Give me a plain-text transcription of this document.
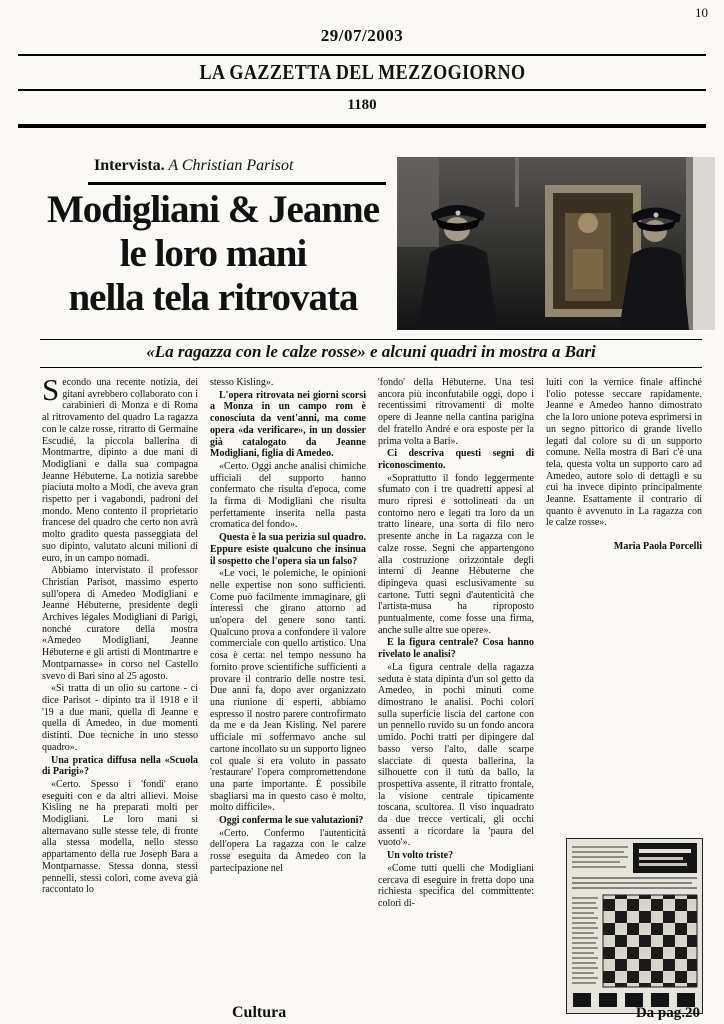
10
29/07/2003
LA GAZZETTA DEL MEZZOGIORNO
1180
Intervista. A Christian Parisot
Modigliani & Jeanne
le loro mani
nella tela ritrovata
«La ragazza con le calze rosse» e alcuni quadri in mostra a Bari

Secondo una recente notizia, dei gitani avrebbero collaborato con i carabinieri di Monza e di Roma al ritrovamento del quadro La ragazza con le calze rosse, ritratto di Germaine Escudié, la piccola ballerina di Montmartre, dipinto a due mani di Modigliani e dalla sua compagna Jeanne Hébuterne. La notizia sarebbe piaciuta molto a Modi, che aveva gran rispetto per i vagabondi, padroni del mondo. Meno contento il proprietario francese del quadro che certo non avrà molto gradito questa passeggiata del suo dipinto, valutato alcuni milioni di euro, in un campo nomadi.

Abbiamo intervistato il professor Christian Parisot, massimo esperto sull'opera di Amedeo Modigliani e Jeanne Hébuterne, presidente degli Archives légales Modigliani di Parigi, nonché curatore della mostra «Amedeo Modigliani, Jeanne Hébuterne e gli artisti di Montmartre e Montparnasse» in corso nel Castello svevo di Bari sino al 25 agosto.

«Si tratta di un olio su cartone - ci dice Parisot - dipinto tra il 1918 e il '19 a due mani, quella di Jeanne e quella di Amedeo, in due momenti distinti. Due tecniche in uno stesso quadro».

Una pratica diffusa nella «Scuola di Parigi»?

«Certo. Spesso i 'fondi' erano eseguiti con e da altri allievi. Moise Kisling ne ha preparati molti per Modigliani. Le loro mani si alternavano sulle stesse tele, di fronte alla stessa modella, nello stesso appartamento della rue Joseph Bara a Montparnasse. Stessa donna, stessi pennelli, stessi colori, come aveva già raccontato lo

stesso Kisling».

L'opera ritrovata nei giorni scorsi a Monza in un campo rom è conosciuta da vent'anni, ma come opera «da verificare», in un dossier già catalogato da Jeanne Modigliani, figlia di Amedeo.

«Certo. Oggi anche analisi chimiche ufficiali del supporto hanno confermato che risulta d'epoca, come la firma di Modigliani che risulta perfettamente inserita nella pasta cromatica del fondo».

Questa è la sua perizia sul quadro. Eppure esiste qualcuno che insinua il sospetto che l'opera sia un falso?

«Le voci, le polemiche, le opinioni nelle expertise non sono sufficienti. Come può facilmente immaginare, gli interessi che girano attorno ad un'opera del genere sono tanti. Qualcuno prova a confondere il valore commerciale con quello artistico. Una cosa è certa: nel tempo nessuno ha fornito prove scientifiche sufficienti a provare il contrario delle nostre tesi. Due anni fa, dopo aver organizzato una riunione di esperti, abbiamo espresso il nostro parere controfirmato da me e da Jean Kisling. Nel parere ufficiale mi soffermavo anche sul cartone incollato su un supporto ligneo col quale si era voluto in passato 'restaurare' l'opera compromettendone una parte importante. È possibile sbagliarsi ma in questo caso è molto, molto difficile».

Oggi conferma le sue valutazioni?

«Certo. Confermo l'autenticità dell'opera La ragazza con le calze rosse eseguita da Amedeo con la partecipazione nel

'fondo' della Hébuterne. Una tesi ancora più inconfutabile oggi, dopo i recentissimi ritrovamenti di molte opere di Jeanne nella cantina parigina del fratello André e ora esposte per la prima volta a Bari».

Ci descriva questi segni di riconoscimento.

«Soprattutto il fondo leggermente sfumato con i tre quadretti appesi al muro ripresi e sottolineati da un contorno nero e legati tra loro da un tratto lineare, una sorta di filo nero presente anche in La ragazza con le calze rosse. Segni che appartengono alla costruzione orizzontale degli interni di Jeanne Hébuterne che dipingeva quasi esclusivamente su cartone. Tutti segni d'autenticità che l'artista-musa ha riproposto puntualmente, come fosse una firma, anche sulle altre sue opere».

E la figura centrale? Cosa hanno rivelato le analisi?

«La figura centrale della ragazza seduta è stata dipinta d'un sol getto da Amedeo, in pochi minuti come dimostrano le analisi. Pochi colori sulla superficie liscia del cartone con un pennello ruvido su un fondo ancora umido. Pochi tratti per dipingere dal basso verso l'alto, dalle scarpe slacciate di questa ballerina, la silhouette con il tutù da ballo, la prospettiva assente, il ritratto frontale, la visione centrale tipicamente toscana, scultorea. Il viso inquadrato da due trecce verticali, gli occhi assenti a ricordare la 'paura del vuoto'».

Un volto triste?

«Come tutti quelli che Modigliani cercava di eseguire in fretta dopo una richiesta specifica del committente: colori di-

luiti con la vernice finale affinché l'olio potesse seccare rapidamente. Jeanne e Amedeo hanno dimostrato che la loro unione poteva esprimersi in un segno pittorico di grande livello legati dal colore su di un supporto comune. Nella mostra di Bari c'è una tela, questa volta un supporto caro ad Amedeo, autore solo di dettagli e su cui ha invece dipinto principalmente Jeanne. Esattamente il contrario di quanto è avvenuto in La ragazza con le calze rosse».

Maria Paola Porcelli

Cultura	Da pag.20
